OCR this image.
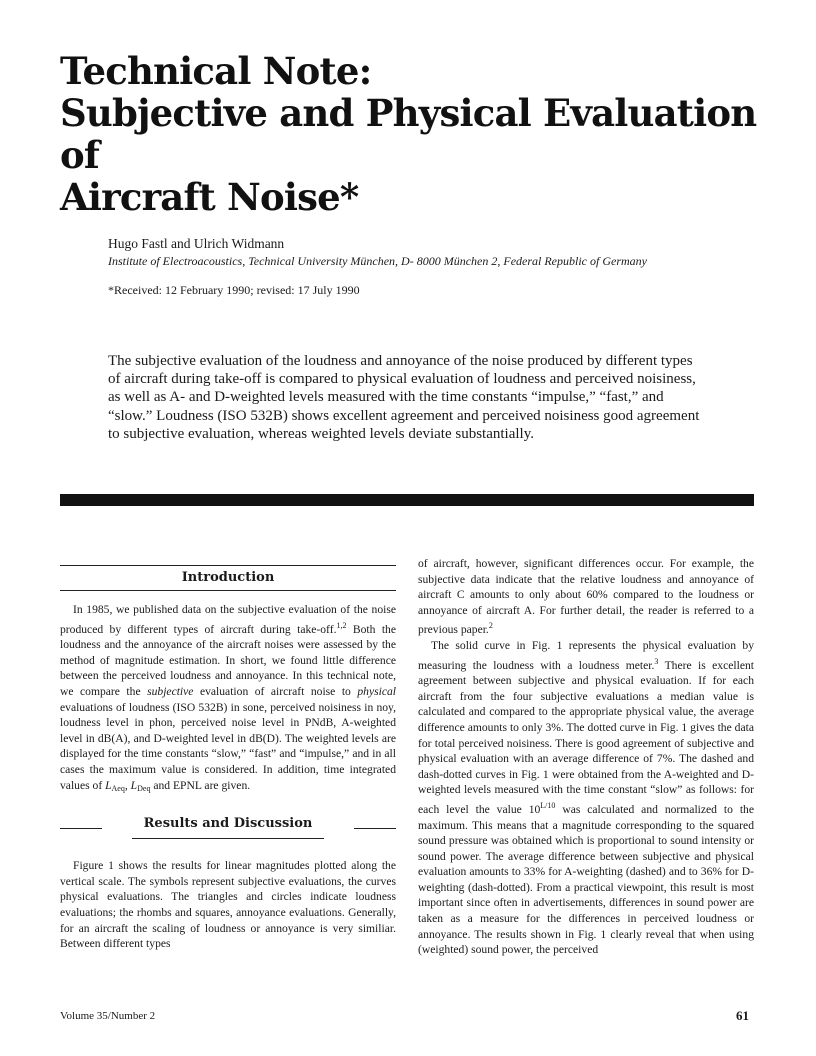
Technical Note:
Subjective and Physical Evaluation of
Aircraft Noise*
Hugo Fastl and Ulrich Widmann
Institute of Electroacoustics, Technical University München, D- 8000 München 2, Federal Republic of Germany
*Received: 12 February 1990; revised: 17 July 1990

The subjective evaluation of the loudness and annoyance of the noise produced by different types of aircraft during take-off is compared to physical evaluation of loudness and perceived noisiness, as well as A- and D-weighted levels measured with the time constants “impulse,” “fast,” and “slow.” Loudness (ISO 532B) shows excellent agreement and perceived noisiness good agreement to subjective evaluation, whereas weighted levels deviate substantially.

Introduction

In 1985, we published data on the subjective evaluation of the noise produced by different types of aircraft during take-off.$^{1,2}$ Both the loudness and the annoyance of the aircraft noises were assessed by the method of magnitude estimation. In short, we found little difference between the perceived loudness and annoyance. In this technical note, we compare the subjective evaluation of aircraft noise to physical evaluations of loudness (ISO 532B) in sone, perceived noisiness in noy, loudness level in phon, perceived noise level in PNdB, A-weighted level in dB(A), and D-weighted level in dB(D). The weighted levels are displayed for the time constants “slow,” “fast” and “impulse,” and in all cases the maximum value is considered. In addition, time integrated values of $L_{Aeq}$, $L_{Deq}$ and EPNL are given.

Results and Discussion

Figure 1 shows the results for linear magnitudes plotted along the vertical scale. The symbols represent subjective evaluations, the curves physical evaluations. The triangles and circles indicate loudness evaluations; the rhombs and squares, annoyance evaluations. Generally, for an aircraft the scaling of loudness or annoyance is very similiar. Between different types

of aircraft, however, significant differences occur. For example, the subjective data indicate that the relative loudness and annoyance of aircraft C amounts to only about 60% compared to the loudness or annoyance of aircraft A. For further detail, the reader is referred to a previous paper.$^2$

The solid curve in Fig. 1 represents the physical evaluation by measuring the loudness with a loudness meter.$^3$ There is excellent agreement between subjective and physical evaluation. If for each aircraft from the four subjective evaluations a median value is calculated and compared to the appropriate physical value, the average difference amounts to only 3%. The dotted curve in Fig. 1 gives the data for total perceived noisiness. There is good agreement of subjective and physical evaluation with an average difference of 7%. The dashed and dash-dotted curves in Fig. 1 were obtained from the A-weighted and D-weighted levels measured with the time constant “slow” as follows: for each level the value $10^{L/10}$ was calculated and normalized to the maximum. This means that a magnitude corresponding to the squared sound pressure was obtained which is proportional to sound intensity or sound power. The average difference between subjective and physical evaluation amounts to 33% for A-weighting (dashed) and to 36% for D-weighting (dash-dotted). From a practical viewpoint, this result is most important since often in advertisements, differences in sound power are taken as a measure for the differences in perceived loudness or annoyance. The results shown in Fig. 1 clearly reveal that when using (weighted) sound power, the perceived

Volume 35/Number 2	61
